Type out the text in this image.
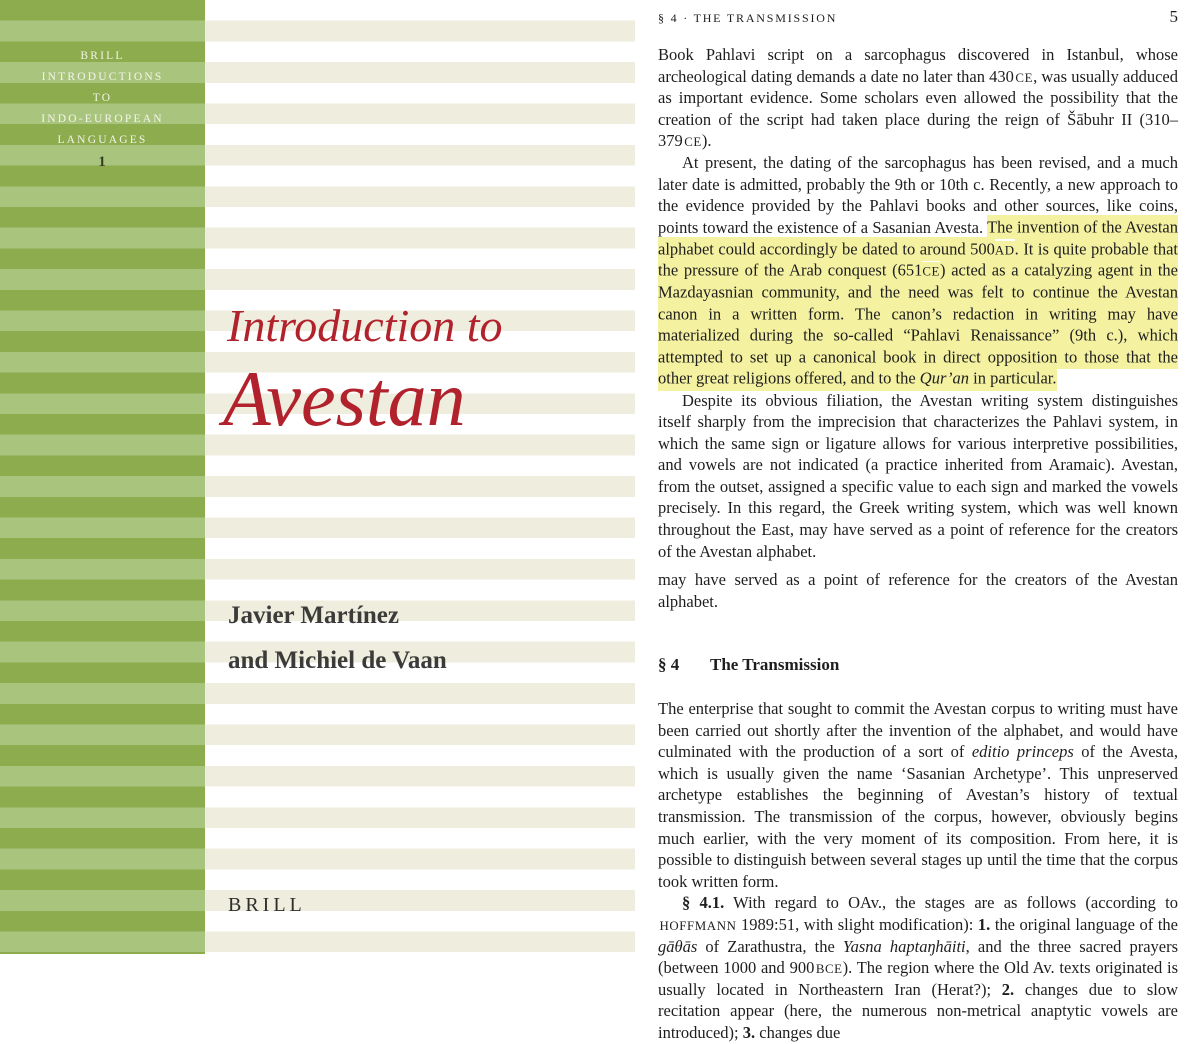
BRILL
INTRODUCTIONS
TO
INDO-EUROPEAN
LANGUAGES
1
Introduction to
Avestan
Javier Martínez
and Michiel de Vaan
BRILL
§ 4 · THE TRANSMISSION	5

Book Pahlavi script on a sarcophagus discovered in Istanbul, whose archeological dating demands a date no later than 430 CE, was usually adduced as important evidence. Some scholars even allowed the possibility that the creation of the script had taken place during the reign of Šābuhr II (310–379 CE).

At present, the dating of the sarcophagus has been revised, and a much later date is admitted, probably the 9th or 10th c. Recently, a new approach to the evidence provided by the Pahlavi books and other sources, like coins, points toward the existence of a Sasanian Avesta. The invention of the Avestan alphabet could accordingly be dated to around 500AD. It is quite probable that the pressure of the Arab conquest (651CE) acted as a catalyzing agent in the Mazdayasnian community, and the need was felt to continue the Avestan canon in a written form. The canon’s redaction in writing may have materialized during the so-called “Pahlavi Renaissance” (9th c.), which attempted to set up a canonical book in direct opposition to those that the other great religions offered, and to the Qur’an in particular.

Despite its obvious filiation, the Avestan writing system distinguishes itself sharply from the imprecision that characterizes the Pahlavi system, in which the same sign or ligature allows for various interpretive possibilities, and vowels are not indicated (a practice inherited from Aramaic). Avestan, from the outset, assigned a specific value to each sign and marked the vowels precisely. In this regard, the Greek writing system, which was well known throughout the East, may have served as a point of reference for the creators of the Avestan alphabet.

may have served as a point of reference for the creators of the Avestan alphabet.

§ 4 The Transmission

The enterprise that sought to commit the Avestan corpus to writing must have been carried out shortly after the invention of the alphabet, and would have culminated with the production of a sort of editio princeps of the Avesta, which is usually given the name ‘Sasanian Archetype’. This unpreserved archetype establishes the beginning of Avestan’s history of textual transmission. The transmission of the corpus, however, obviously begins much earlier, with the very moment of its composition. From here, it is possible to distinguish between several stages up until the time that the corpus took written form.

§ 4.1. With regard to OAv., the stages are as follows (according to HOFFMANN 1989:51, with slight modification): 1. the original language of the gāθās of Zarathustra, the Yasna haptaŋhāiti, and the three sacred prayers (between 1000 and 900 BCE). The region where the Old Av. texts originated is usually located in Northeastern Iran (Herat?); 2. changes due to slow recitation appear (here, the numerous non-metrical anaptytic vowels are introduced); 3. changes due
